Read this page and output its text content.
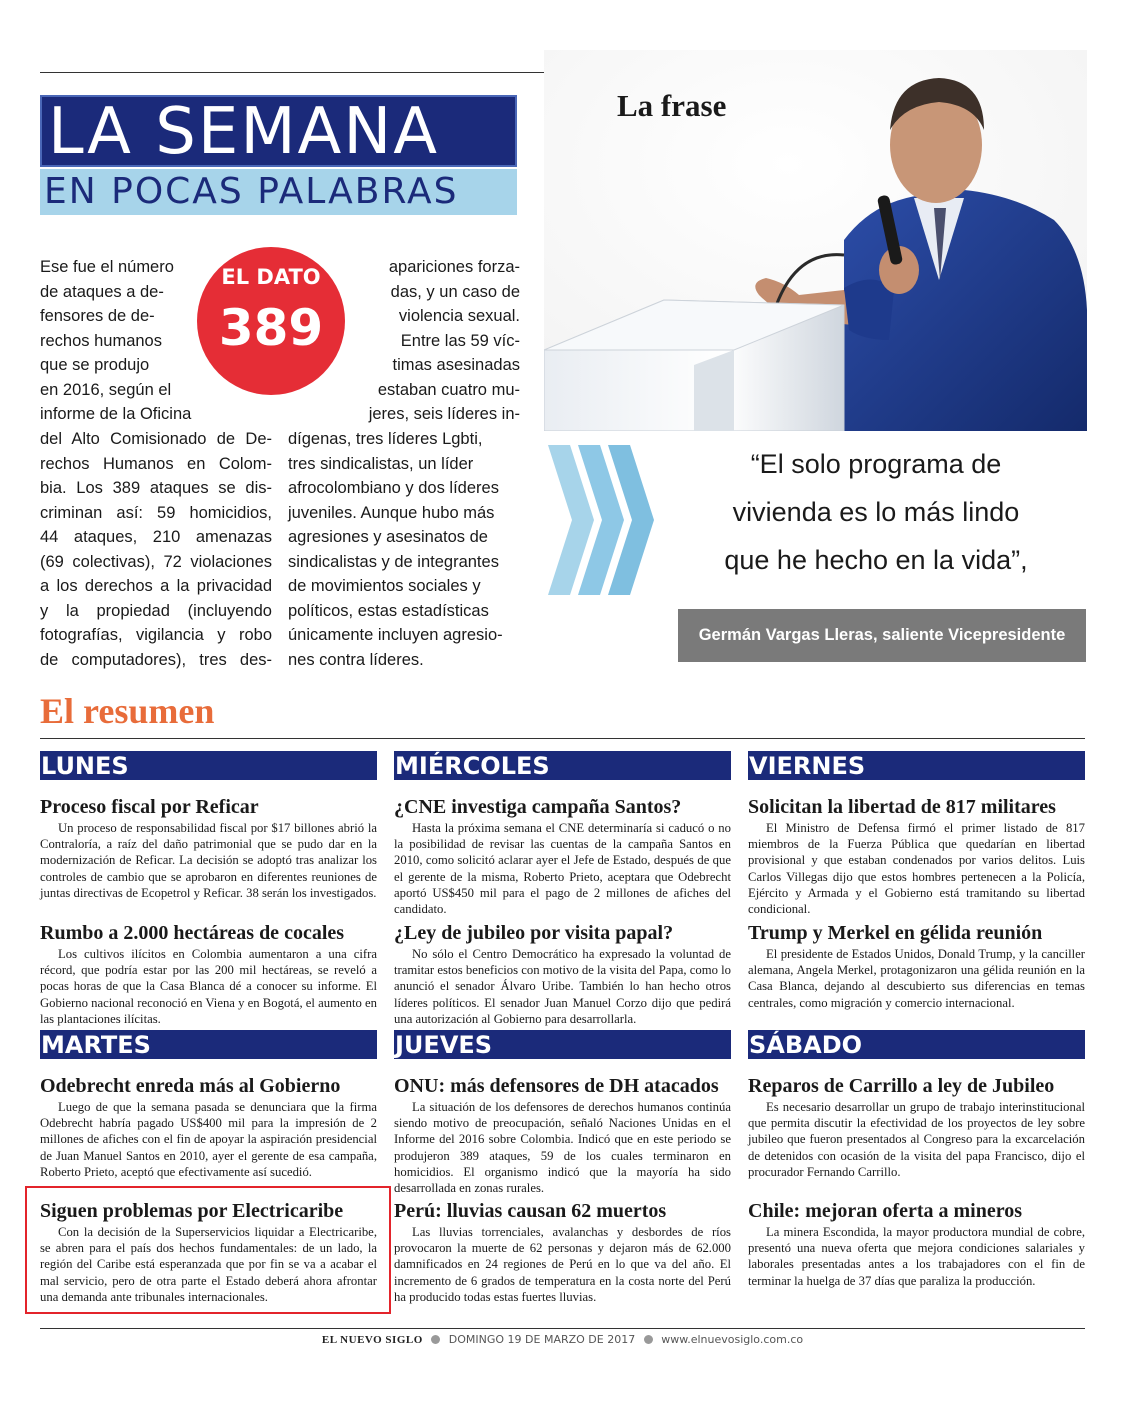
LA SEMANA
EN POCAS PALABRAS
Ese fue el número
de ataques a de-
fensores de de-
rechos humanos
que se produjo
en 2016, según el
informe de la Oficina
apariciones forza-
das, y un caso de
violencia sexual.
Entre las 59 víc-
timas asesinadas
estaban cuatro mu-
jeres, seis líderes in-
del Alto Comisionado de De-
rechos Humanos en Colom-
bia. Los 389 ataques se dis-
criminan así: 59 homicidios,
44 ataques, 210 amenazas
(69 colectivas), 72 violaciones
a los derechos a la privacidad
y la propiedad (incluyendo
fotografías, vigilancia y robo
de computadores), tres des-
dígenas, tres líderes Lgbti,
tres sindicalistas, un líder
afrocolombiano y dos líderes
juveniles. Aunque hubo más
agresiones y asesinatos de
sindicalistas y de integrantes
de movimientos sociales y
políticos, estas estadísticas
únicamente incluyen agresio-
nes contra líderes.
EL DATO
389
La frase
“El solo programa de
vivienda es lo más lindo
que he hecho en la vida”,
Germán Vargas Lleras, saliente Vicepresidente
El resumen
LUNES
Proceso fiscal por Reficar
Un proceso de responsabilidad fiscal por $17 billones abrió la Contraloría, a raíz del daño patrimonial que se pudo dar en la modernización de Reficar. La decisión se adoptó tras analizar los controles de cambio que se aprobaron en diferentes reuniones de juntas directivas de Ecopetrol y Reficar. 38 serán los investigados.
Rumbo a 2.000 hectáreas de cocales
Los cultivos ilícitos en Colombia aumentaron a una cifra récord, que podría estar por las 200 mil hectáreas, se reveló a pocas horas de que la Casa Blanca dé a conocer su informe. El Gobierno nacional reconoció en Viena y en Bogotá, el aumento en las plantaciones ilícitas.
MIÉRCOLES
¿CNE investiga campaña Santos?
Hasta la próxima semana el CNE determinaría si caducó o no la posibilidad de revisar las cuentas de la campaña Santos en 2010, como solicitó aclarar ayer el Jefe de Estado, después de que el gerente de la misma, Roberto Prieto, aceptara que Odebrecht aportó US$450 mil para el pago de 2 millones de afiches del candidato.
¿Ley de jubileo por visita papal?
No sólo el Centro Democrático ha expresado la voluntad de tramitar estos beneficios con motivo de la visita del Papa, como lo anunció el senador Álvaro Uribe. También lo han hecho otros líderes políticos. El senador Juan Manuel Corzo dijo que pedirá una autorización al Gobierno para desarrollarla.
VIERNES
Solicitan la libertad de 817 militares
El Ministro de Defensa firmó el primer listado de 817 miembros de la Fuerza Pública que quedarían en libertad provisional y que estaban condenados por varios delitos. Luis Carlos Villegas dijo que estos hombres pertenecen a la Policía, Ejército y Armada y el Gobierno está tramitando su libertad condicional.
Trump y Merkel en gélida reunión
El presidente de Estados Unidos, Donald Trump, y la canciller alemana, Angela Merkel, protagonizaron una gélida reunión en la Casa Blanca, dejando al descubierto sus diferencias en temas centrales, como migración y comercio internacional.
MARTES
Odebrecht enreda más al Gobierno
Luego de que la semana pasada se denunciara que la firma Odebrecht habría pagado US$400 mil para la impresión de 2 millones de afiches con el fin de apoyar la aspiración presidencial de Juan Manuel Santos en 2010, ayer el gerente de esa campaña, Roberto Prieto, aceptó que efectivamente así sucedió.
Siguen problemas por Electricaribe
Con la decisión de la Superservicios liquidar a Electricaribe, se abren para el país dos hechos fundamentales: de un lado, la región del Caribe está esperanzada que por fin se va a acabar el mal servicio, pero de otra parte el Estado deberá ahora afrontar una demanda ante tribunales internacionales.
JUEVES
ONU: más defensores de DH atacados
La situación de los defensores de derechos humanos continúa siendo motivo de preocupación, señaló Naciones Unidas en el Informe del 2016 sobre Colombia. Indicó que en este periodo se produjeron 389 ataques, 59 de los cuales terminaron en homicidios. El organismo indicó que la mayoría ha sido desarrollada en zonas rurales.
Perú: lluvias causan 62 muertos
Las lluvias torrenciales, avalanchas y desbordes de ríos provocaron la muerte de 62 personas y dejaron más de 62.000 damnificados en 24 regiones de Perú en lo que va del año. El incremento de 6 grados de temperatura en la costa norte del Perú ha producido todas estas fuertes lluvias.
SÁBADO
Reparos de Carrillo a ley de Jubileo
Es necesario desarrollar un grupo de trabajo interinstitucional que permita discutir la efectividad de los proyectos de ley sobre jubileo que fueron presentados al Congreso para la excarcelación de detenidos con ocasión de la visita del papa Francisco, dijo el procurador Fernando Carrillo.
Chile: mejoran oferta a mineros
La minera Escondida, la mayor productora mundial de cobre, presentó una nueva oferta que mejora condiciones salariales y laborales presentadas antes a los trabajadores con el fin de terminar la huelga de 37 días que paraliza la producción.
EL NUEVO SIGLO DOMINGO 19 DE MARZO DE 2017 www.elnuevosiglo.com.co
